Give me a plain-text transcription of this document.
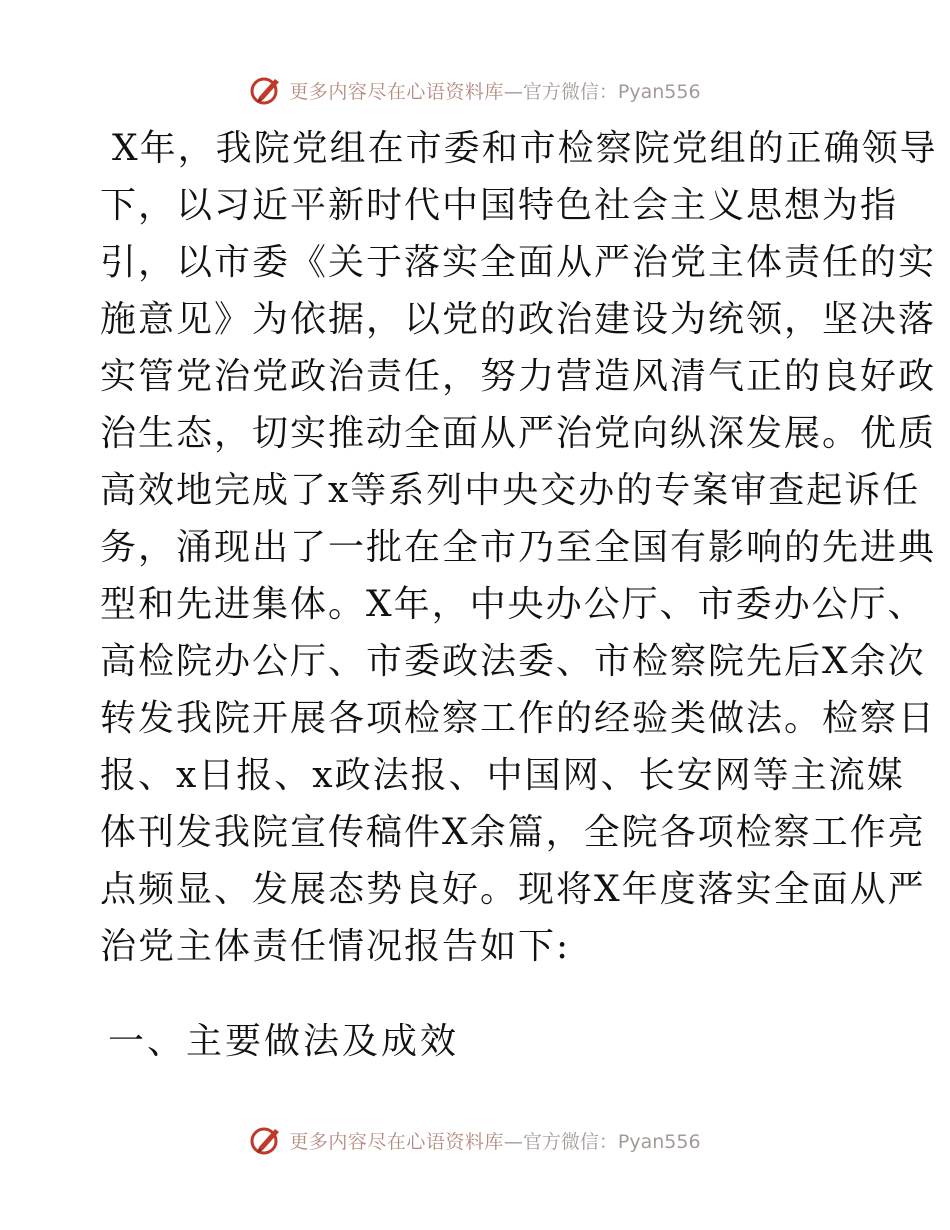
更多内容尽在心语资料库 —官方微信：Pyan556
X年，我院党组在市委和市检察院党组的正确领导
下，以习近平新时代中国特色社会主义思想为指
引，以市委《关于落实全面从严治党主体责任的实
施意见》为依据，以党的政治建设为统领，坚决落
实管党治党政治责任，努力营造风清气正的良好政
治生态，切实推动全面从严治党向纵深发展。优质
高效地完成了x等系列中央交办的专案审查起诉任
务，涌现出了一批在全市乃至全国有影响的先进典
型和先进集体。X年，中央办公厅、市委办公厅、
高检院办公厅、市委政法委、市检察院先后X余次
转发我院开展各项检察工作的经验类做法。检察日
报、x日报、x政法报、中国网、长安网等主流媒
体刊发我院宣传稿件X余篇，全院各项检察工作亮
点频显、发展态势良好。现将X年度落实全面从严
治党主体责任情况报告如下:
一、主要做法及成效
更多内容尽在心语资料库 —官方微信：Pyan556
